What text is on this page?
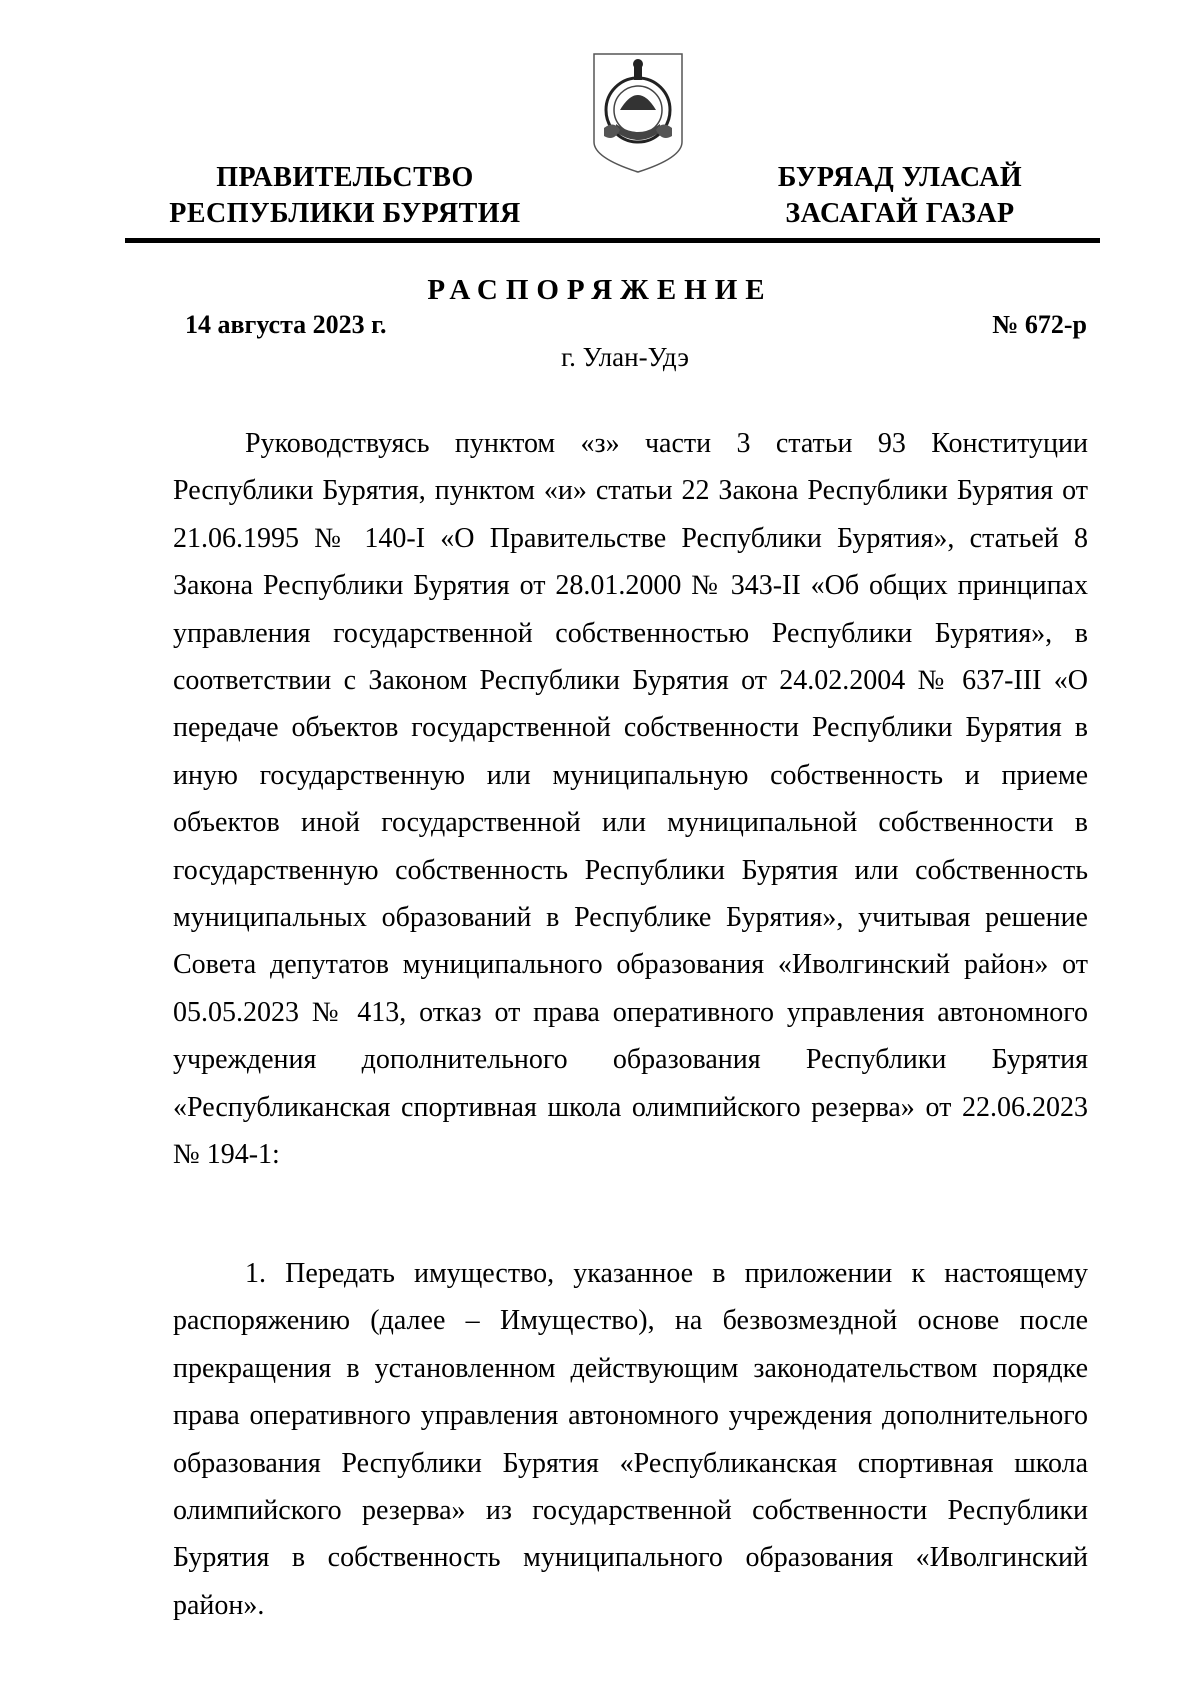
ПРАВИТЕЛЬСТВО
РЕСПУБЛИКИ БУРЯТИЯ
БУРЯАД УЛАСАЙ
ЗАСАГАЙ ГАЗАР
РАСПОРЯЖЕНИЕ
14 августа 2023 г.	№ 672-р
г. Улан-Удэ
Руководствуясь пунктом «з» части 3 статьи 93 Конституции Республики Бурятия, пунктом «и» статьи 22 Закона Республики Бурятия от 21.06.1995 № 140-I «О Правительстве Республики Бурятия», статьей 8 Закона Республики Бурятия от 28.01.2000 № 343-II «Об общих принципах управления государственной собственностью Республики Бурятия», в соответствии с Законом Республики Бурятия от 24.02.2004 № 637-III «О передаче объектов государственной собственности Республики Бурятия в иную государственную или муниципальную собственность и приеме объектов иной государственной или муниципальной собственности в государственную собственность Республики Бурятия или собственность муниципальных образований в Республике Бурятия», учитывая решение Совета депутатов муниципального образования «Иволгинский район» от 05.05.2023 № 413, отказ от права оперативного управления автономного учреждения дополнительного образования Республики Бурятия «Республиканская спортивная школа олимпийского резерва» от 22.06.2023 № 194-1:
1. Передать имущество, указанное в приложении к настоящему распоряжению (далее – Имущество), на безвозмездной основе после прекращения в установленном действующим законодательством порядке права оперативного управления автономного учреждения дополнительного образования Республики Бурятия «Республиканская спортивная школа олимпийского резерва» из государственной собственности Республики Бурятия в собственность муниципального образования «Иволгинский район».
